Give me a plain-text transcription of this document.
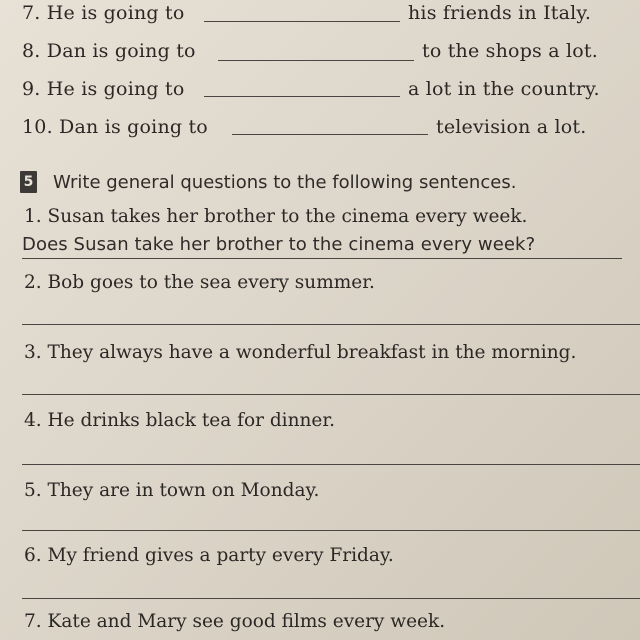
7. He is going to	his friends in Italy.
8. Dan is going to	to the shops a lot.
9. He is going to	a lot in the country.
10. Dan is going to	television a lot.
5 Write general questions to the following sentences.
1. Susan takes her brother to the cinema every week.
Does Susan take her brother to the cinema every week?
2. Bob goes to the sea every summer.
3. They always have a wonderful breakfast in the morning.
4. He drinks black tea for dinner.
5. They are in town on Monday.
6. My friend gives a party every Friday.
7. Kate and Mary see good films every week.
